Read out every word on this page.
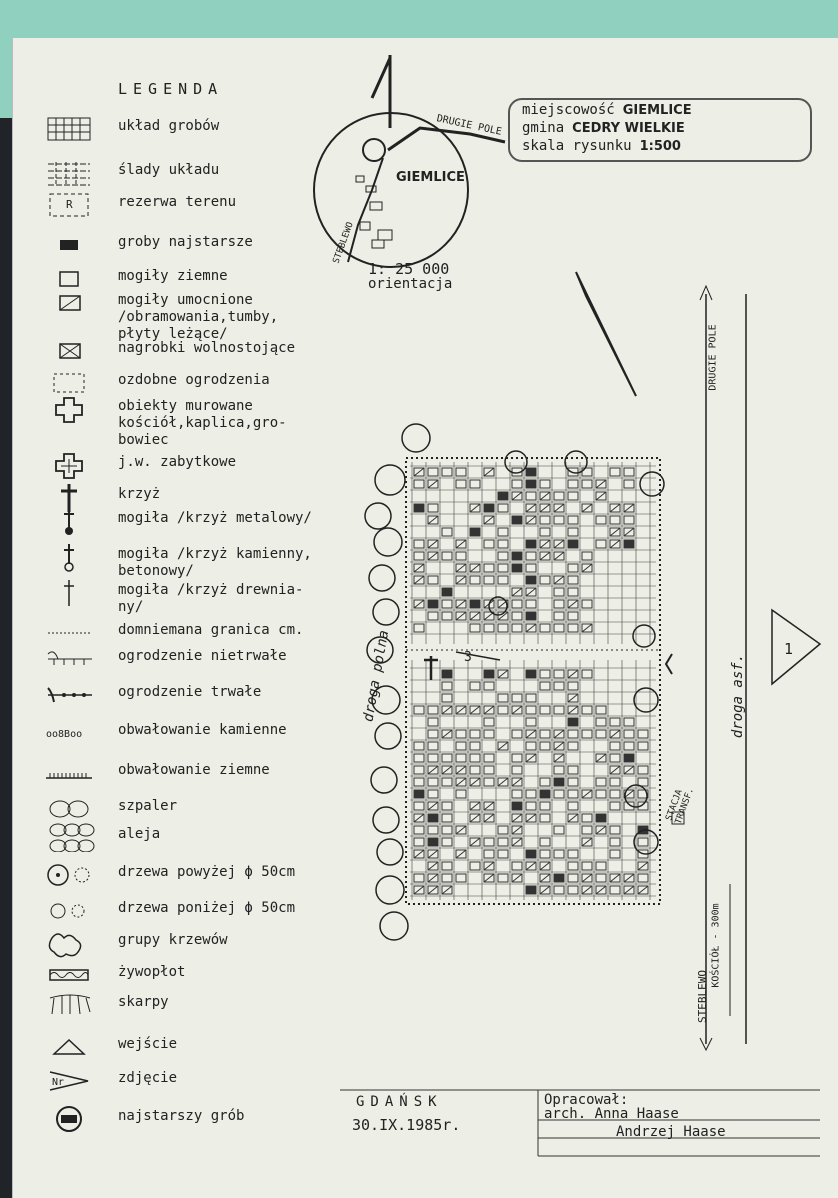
LEGENDA
układ grobów
ślady układu
R	rezerwa terenu
groby najstarsze
mogiły ziemne
mogiły umocnione
/obramowania,tumby,
płyty leżące/
nagrobki wolnostojące
ozdobne ogrodzenia
obiekty murowane
kościół,kaplica,gro-
bowiec
j.w. zabytkowe
krzyż
mogiła /krzyż metalowy/
mogiła /krzyż kamienny,
betonowy/
mogiła /krzyż drewnia-
ny/
domniemana granica cm.
ogrodzenie nietrwałe
ogrodzenie trwałe
oo8Boo	obwałowanie kamienne
obwałowanie ziemne
szpaler
aleja
drzewa powyżej ϕ 50cm
drzewa poniżej ϕ 50cm
grupy krzewów
żywopłot
skarpy
wejście
Nr	zdjęcie
najstarszy grób
miejscowość GIEMLICE
gmina CEDRY WIELKIE
skala rysunku 1:500
GIEMLICE
DRUGIE POLE
STEBLEWO
1: 25 000
orientacja
droga polna	droga asf.
DRUGIE POLE
STEBLEWO
KOŚCIÓŁ - 300m
STACJA TRANSF.
1
3
GDAŃSK
30.IX.1985r.
Opracował:
arch. Anna Haase
Andrzej Haase
